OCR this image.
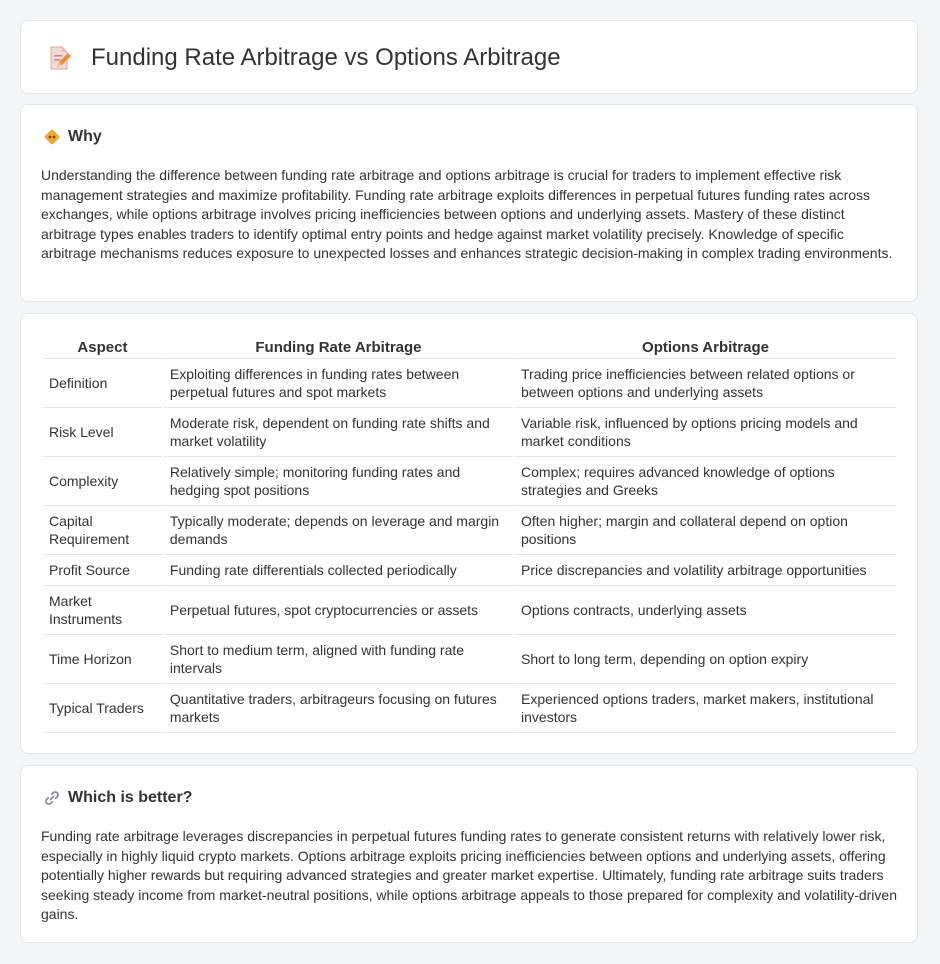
Funding Rate Arbitrage vs Options Arbitrage
Why

Understanding the difference between funding rate arbitrage and options arbitrage is crucial for traders to implement effective risk management strategies and maximize profitability. Funding rate arbitrage exploits differences in perpetual futures funding rates across exchanges, while options arbitrage involves pricing inefficiencies between options and underlying assets. Mastery of these distinct arbitrage types enables traders to identify optimal entry points and hedge against market volatility precisely. Knowledge of specific arbitrage mechanisms reduces exposure to unexpected losses and enhances strategic decision-making in complex trading environments.

Aspect	Funding Rate Arbitrage	Options Arbitrage
Definition	Exploiting differences in funding rates between perpetual futures and spot markets	Trading price inefficiencies between related options or between options and underlying assets
Risk Level	Moderate risk, dependent on funding rate shifts and market volatility	Variable risk, influenced by options pricing models and market conditions
Complexity	Relatively simple; monitoring funding rates and hedging spot positions	Complex; requires advanced knowledge of options strategies and Greeks
Capital Requirement	Typically moderate; depends on leverage and margin demands	Often higher; margin and collateral depend on option positions
Profit Source	Funding rate differentials collected periodically	Price discrepancies and volatility arbitrage opportunities
Market Instruments	Perpetual futures, spot cryptocurrencies or assets	Options contracts, underlying assets
Time Horizon	Short to medium term, aligned with funding rate intervals	Short to long term, depending on option expiry
Typical Traders	Quantitative traders, arbitrageurs focusing on futures markets	Experienced options traders, market makers, institutional investors
Which is better?

Funding rate arbitrage leverages discrepancies in perpetual futures funding rates to generate consistent returns with relatively lower risk, especially in highly liquid crypto markets. Options arbitrage exploits pricing inefficiencies between options and underlying assets, offering potentially higher rewards but requiring advanced strategies and greater market expertise. Ultimately, funding rate arbitrage suits traders seeking steady income from market-neutral positions, while options arbitrage appeals to those prepared for complexity and volatility-driven gains.
